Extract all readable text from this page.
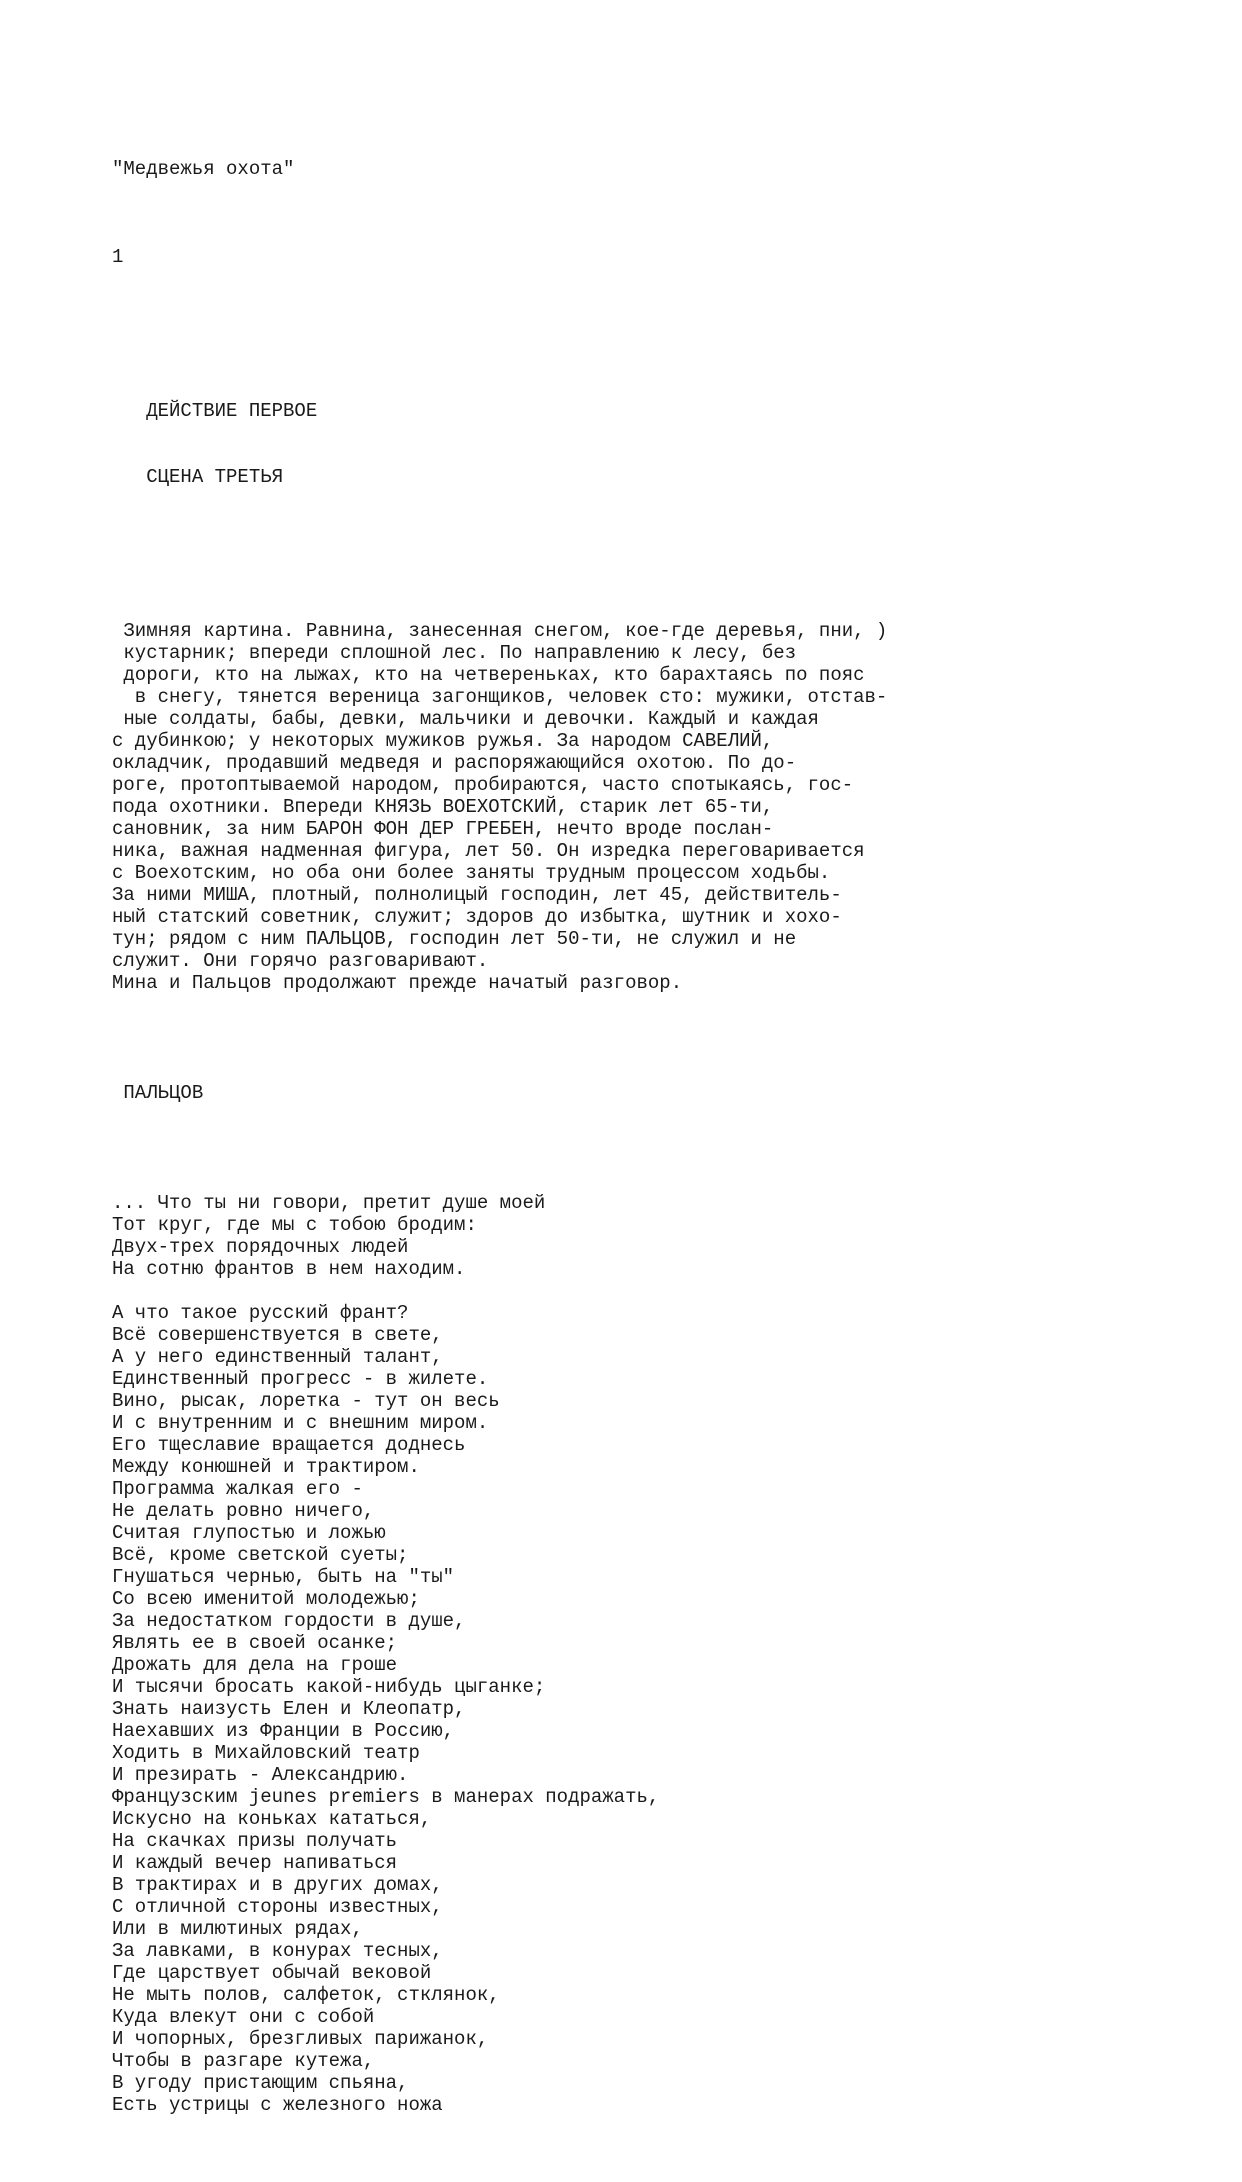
"Медвежья охота"

1

ДЕЙСТВИЕ ПЕРВОЕ

СЦЕНА ТРЕТЬЯ

Зимняя картина. Равнина, занесенная снегом, кое-где деревья, пни, )
кустарник; впереди сплошной лес. По направлению к лесу, без
дороги, кто на лыжах, кто на четвереньках, кто барахтаясь по пояс
в снегу, тянется вереница загонщиков, человек сто: мужики, отстав-
ные солдаты, бабы, девки, мальчики и девочки. Каждый и каждая
с дубинкою; у некоторых мужиков ружья. За народом САВЕЛИЙ,
окладчик, продавший медведя и распоряжающийся охотою. По до-
роге, протоптываемой народом, пробираются, часто спотыкаясь, гос-
пода охотники. Впереди КНЯЗЬ ВОЕХОТСКИЙ, старик лет 65-ти,
сановник, за ним БАРОН ФОН ДЕР ГРЕБЕН, нечто вроде послан-
ника, важная надменная фигура, лет 50. Он изредка переговаривается
с Воехотским, но оба они более заняты трудным процессом ходьбы.
За ними МИША, плотный, полнолицый господин, лет 45, действитель-
ный статский советник, служит; здоров до избытка, шутник и хохо-
тун; рядом с ним ПАЛЬЦОВ, господин лет 50-ти, не служил и не
служит. Они горячо разговаривают.
Мина и Пальцов продолжают прежде начатый разговор.

ПАЛЬЦОВ

... Что ты ни говори, претит душе моей
Тот круг, где мы с тобою бродим:
Двух-трех порядочных людей
На сотню франтов в нем находим.
А что такое русский франт?
Всё совершенствуется в свете,
А у него единственный талант,
Единственный прогресс - в жилете.
Вино, рысак, лоретка - тут он весь
И с внутренним и с внешним миром.
Его тщеславие вращается доднесь
Между конюшней и трактиром.
Программа жалкая его -
Не делать ровно ничего,
Считая глупостью и ложью
Всё, кроме светской суеты;
Гнушаться чернью, быть на "ты"
Со всею именитой молодежью;
За недостатком гордости в душе,
Являть ее в своей осанке;
Дрожать для дела на гроше
И тысячи бросать какой-нибудь цыганке;
Знать наизусть Елен и Клеопатр,
Наехавших из Франции в Россию,
Ходить в Михайловский театр
И презирать - Александрию.
Французским jeunes premiers в манерах подражать,
Искусно на коньках кататься,
На скачках призы получать
И каждый вечер напиваться
В трактирах и в других домах,
С отличной стороны известных,
Или в милютиных рядах,
За лавками, в конурах тесных,
Где царствует обычай вековой
Не мыть полов, салфеток, стклянок,
Куда влекут они с собой
И чопорных, брезгливых парижанок,
Чтобы в разгаре кутежа,
В угоду пристающим спьяна,
Есть устрицы с железного ножа
